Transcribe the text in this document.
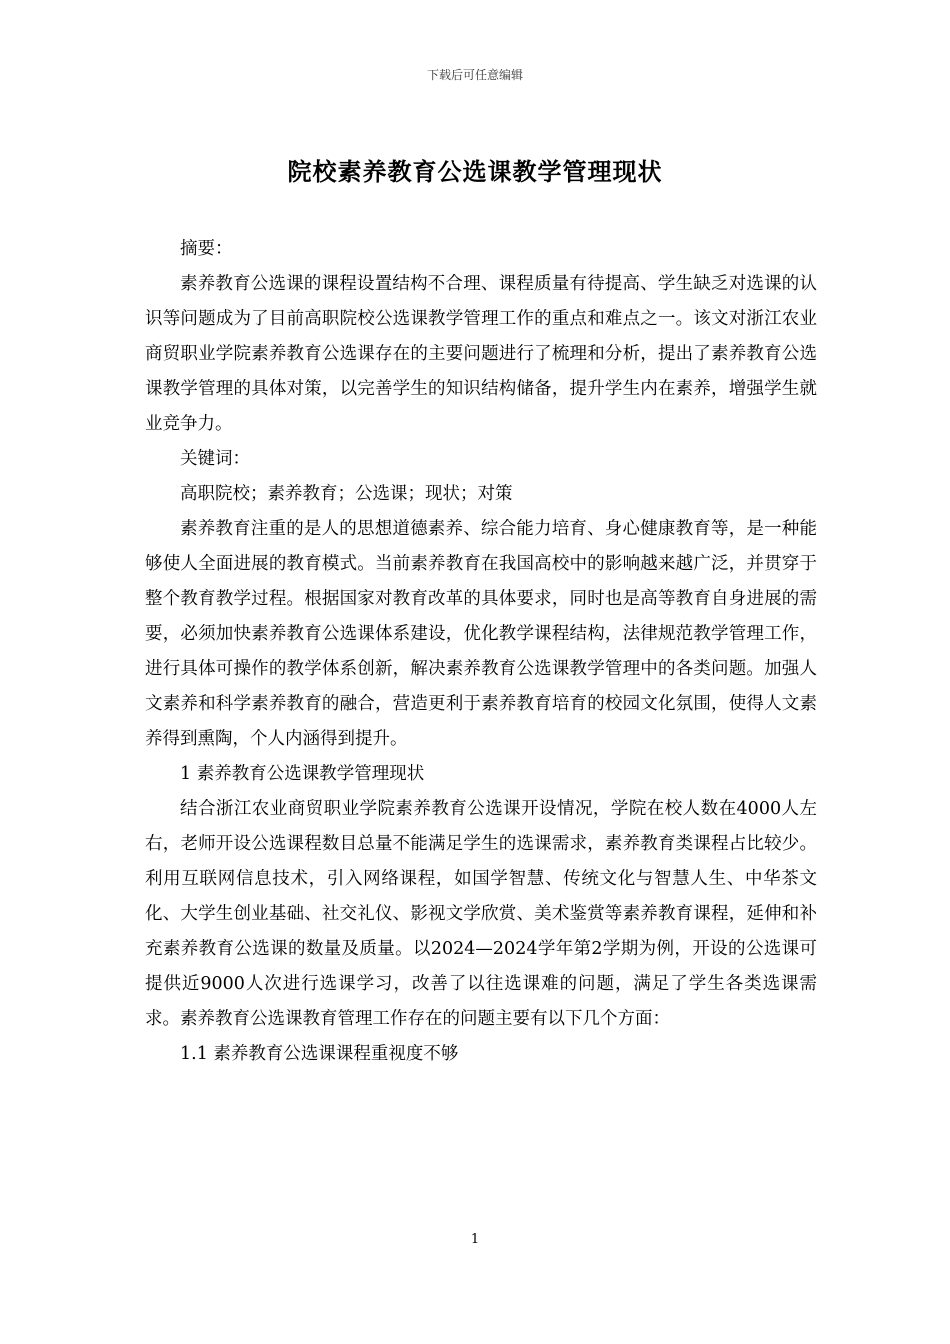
下载后可任意编辑
院校素养教育公选课教学管理现状

摘要：

素养教育公选课的课程设置结构不合理、课程质量有待提高、学生缺乏对选课的认识等问题成为了目前高职院校公选课教学管理工作的重点和难点之一。该文对浙江农业商贸职业学院素养教育公选课存在的主要问题进行了梳理和分析，提出了素养教育公选课教学管理的具体对策，以完善学生的知识结构储备，提升学生内在素养，增强学生就业竞争力。

关键词：

高职院校；素养教育；公选课；现状；对策

素养教育注重的是人的思想道德素养、综合能力培育、身心健康教育等，是一种能够使人全面进展的教育模式。当前素养教育在我国高校中的影响越来越广泛，并贯穿于整个教育教学过程。根据国家对教育改革的具体要求，同时也是高等教育自身进展的需要，必须加快素养教育公选课体系建设，优化教学课程结构，法律规范教学管理工作，进行具体可操作的教学体系创新，解决素养教育公选课教学管理中的各类问题。加强人文素养和科学素养教育的融合，营造更利于素养教育培育的校园文化氛围，使得人文素养得到熏陶，个人内涵得到提升。

1 素养教育公选课教学管理现状

结合浙江农业商贸职业学院素养教育公选课开设情况，学院在校人数在4000人左右，老师开设公选课程数目总量不能满足学生的选课需求，素养教育类课程占比较少。利用互联网信息技术，引入网络课程，如国学智慧、传统文化与智慧人生、中华茶文化、大学生创业基础、社交礼仪、影视文学欣赏、美术鉴赏等素养教育课程，延伸和补充素养教育公选课的数量及质量。以2024—2024学年第2学期为例，开设的公选课可提供近9000人次进行选课学习，改善了以往选课难的问题，满足了学生各类选课需求。素养教育公选课教育管理工作存在的问题主要有以下几个方面：

1.1 素养教育公选课课程重视度不够

1
